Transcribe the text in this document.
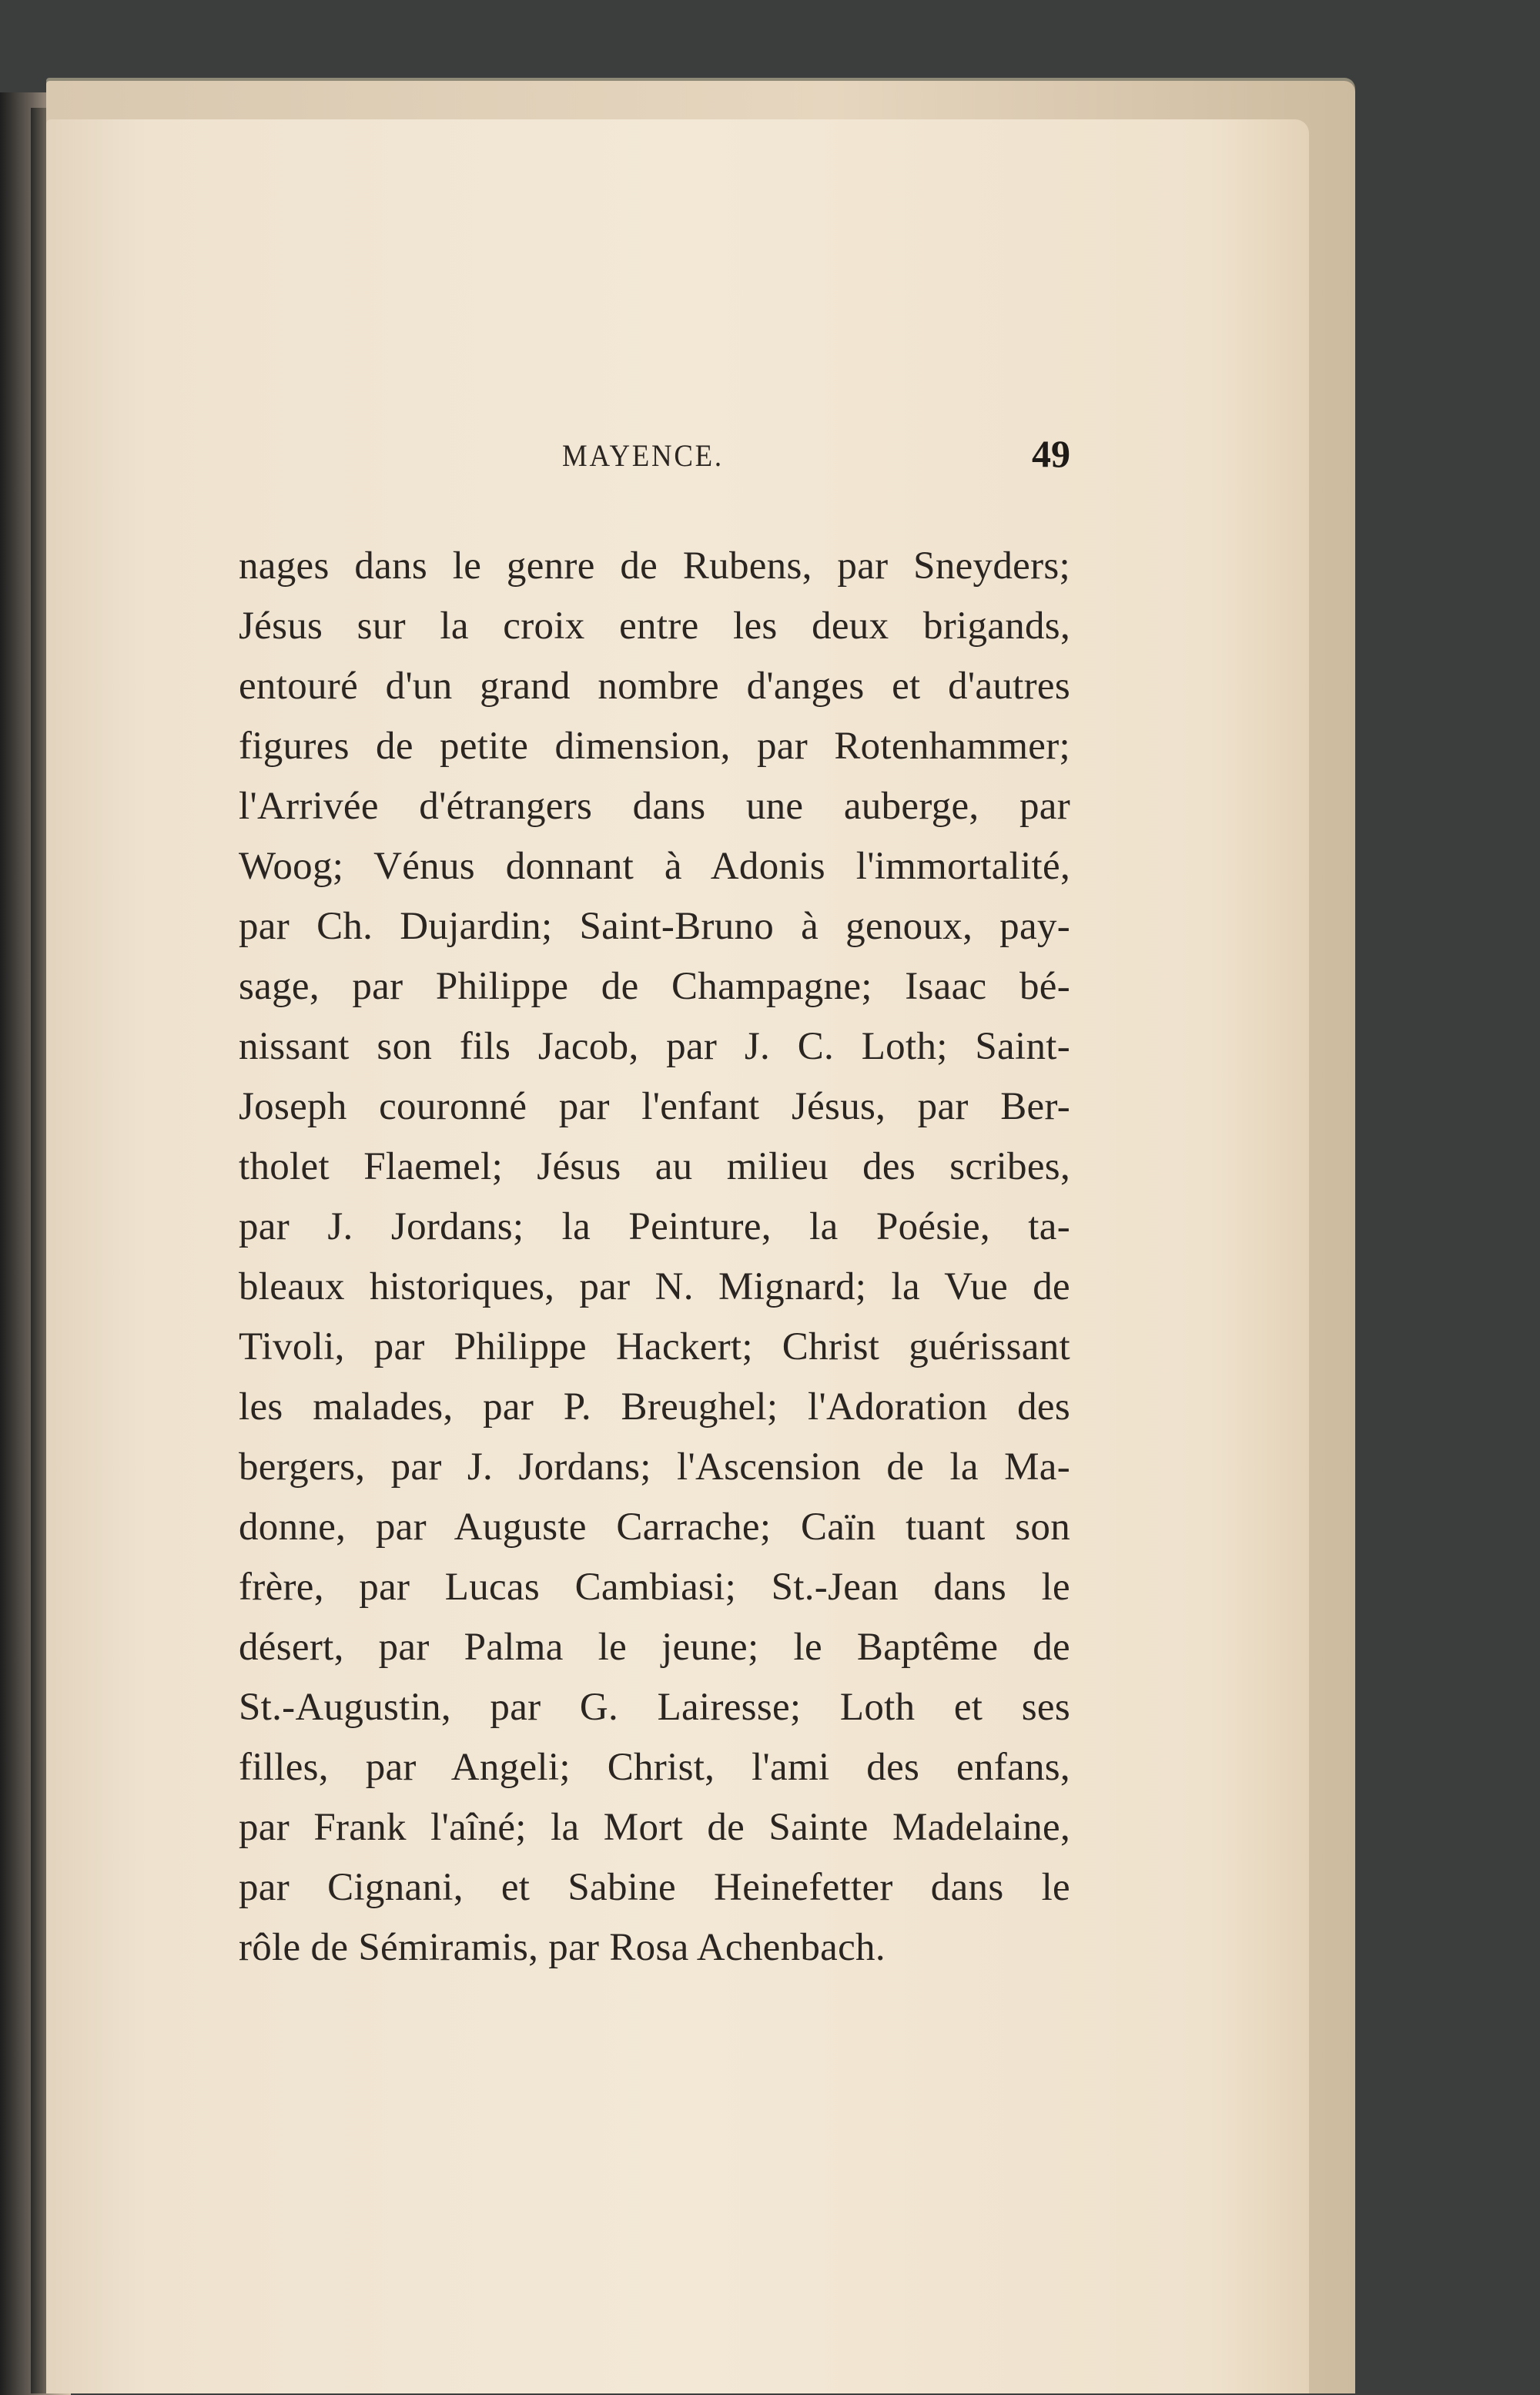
MAYENCE.	49
nages dans le genre de Rubens, par Sneyders;
Jésus sur la croix entre les deux brigands,
entouré d'un grand nombre d'anges et d'autres
figures de petite dimension, par Rotenhammer;
l'Arrivée d'étrangers dans une auberge, par
Woog; Vénus donnant à Adonis l'immortalité,
par Ch. Dujardin; Saint-Bruno à genoux, pay-
sage, par Philippe de Champagne; Isaac bé-
nissant son fils Jacob, par J. C. Loth; Saint-
Joseph couronné par l'enfant Jésus, par Ber-
tholet Flaemel; Jésus au milieu des scribes,
par J. Jordans; la Peinture, la Poésie, ta-
bleaux historiques, par N. Mignard; la Vue de
Tivoli, par Philippe Hackert; Christ guérissant
les malades, par P. Breughel; l'Adoration des
bergers, par J. Jordans; l'Ascension de la Ma-
donne, par Auguste Carrache; Caïn tuant son
frère, par Lucas Cambiasi; St.-Jean dans le
désert, par Palma le jeune; le Baptême de
St.-Augustin, par G. Lairesse; Loth et ses
filles, par Angeli; Christ, l'ami des enfans,
par Frank l'aîné; la Mort de Sainte Madelaine,
par Cignani, et Sabine Heinefetter dans le
rôle de Sémiramis, par Rosa Achenbach.
